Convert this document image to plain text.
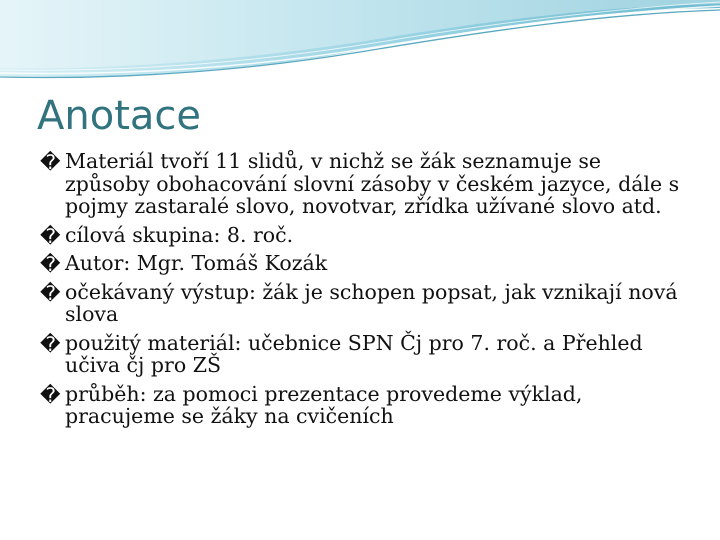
Anotace
� Materiál tvoří 11 slidů, v nichž se žák seznamuje se způsoby obohacování slovní zásoby v českém jazyce, dále s pojmy zastaralé slovo, novotvar, zřídka užívané slovo atd.
� cílová skupina: 8. roč.
� Autor: Mgr. Tomáš Kozák
� očekávaný výstup: žák je schopen popsat, jak vznikají nová slova
� použitý materiál: učebnice SPN Čj pro 7. roč. a Přehled učiva čj pro ZŠ
� průběh: za pomoci prezentace provedeme výklad, pracujeme se žáky na cvičeních
